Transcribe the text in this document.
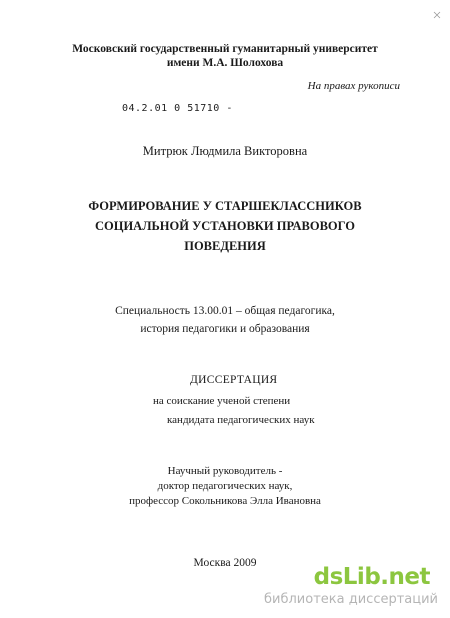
Московский государственный гуманитарный университет
имени М.А. Шолохова
На правах рукописи
04.2.01 0 51710 -
Митрюк Людмила Викторовна
ФОРМИРОВАНИЕ У СТАРШЕКЛАССНИКОВ
СОЦИАЛЬНОЙ УСТАНОВКИ ПРАВОВОГО
ПОВЕДЕНИЯ
Специальность 13.00.01 – общая педагогика,
история педагогики и образования
ДИССЕРТАЦИЯ
на соискание ученой степени
кандидата педагогических наук
Научный руководитель -
доктор педагогических наук,
профессор Сокольникова Элла Ивановна
Москва 2009
dsLib.net
библиотека диссертаций
